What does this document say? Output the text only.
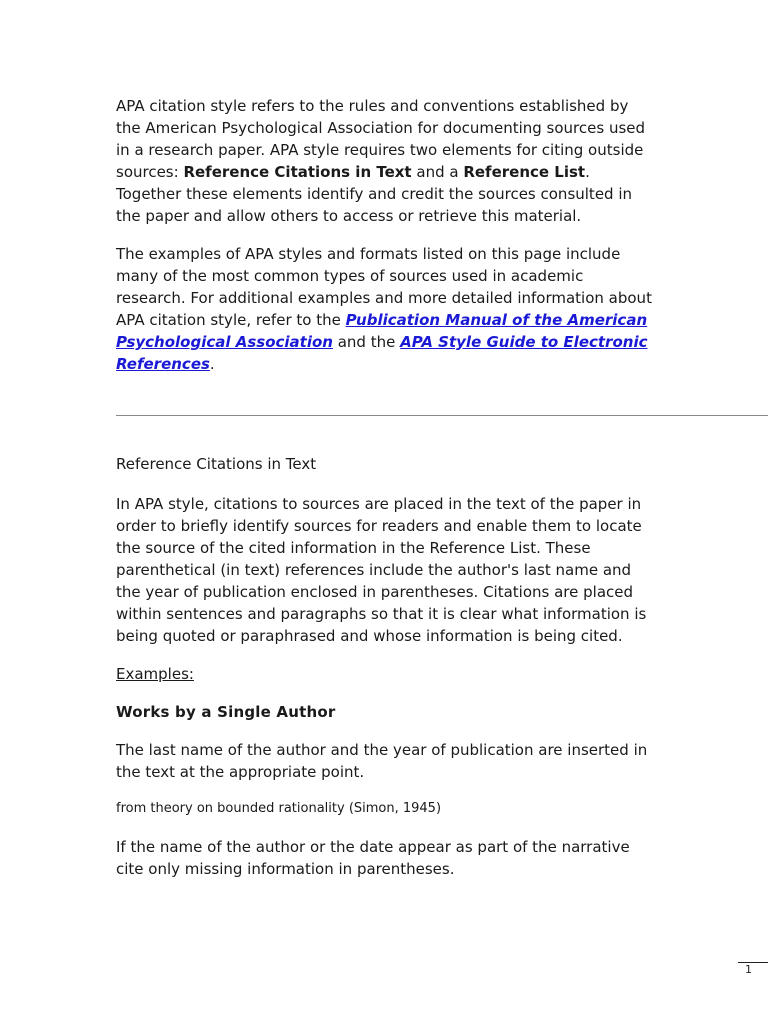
APA citation style refers to the rules and conventions established by the American Psychological Association for documenting sources used in a research paper. APA style requires two elements for citing outside sources: Reference Citations in Text and a Reference List. Together these elements identify and credit the sources consulted in the paper and allow others to access or retrieve this material.

The examples of APA styles and formats listed on this page include many of the most common types of sources used in academic research. For additional examples and more detailed information about APA citation style, refer to the Publication Manual of the American Psychological Association and the APA Style Guide to Electronic References.

Reference Citations in Text

In APA style, citations to sources are placed in the text of the paper in order to briefly identify sources for readers and enable them to locate the source of the cited information in the Reference List. These parenthetical (in text) references include the author's last name and the year of publication enclosed in parentheses. Citations are placed within sentences and paragraphs so that it is clear what information is being quoted or paraphrased and whose information is being cited.

Examples:

Works by a Single Author

The last name of the author and the year of publication are inserted in the text at the appropriate point.

from theory on bounded rationality (Simon, 1945)

If the name of the author or the date appear as part of the narrative cite only missing information in parentheses.

1
